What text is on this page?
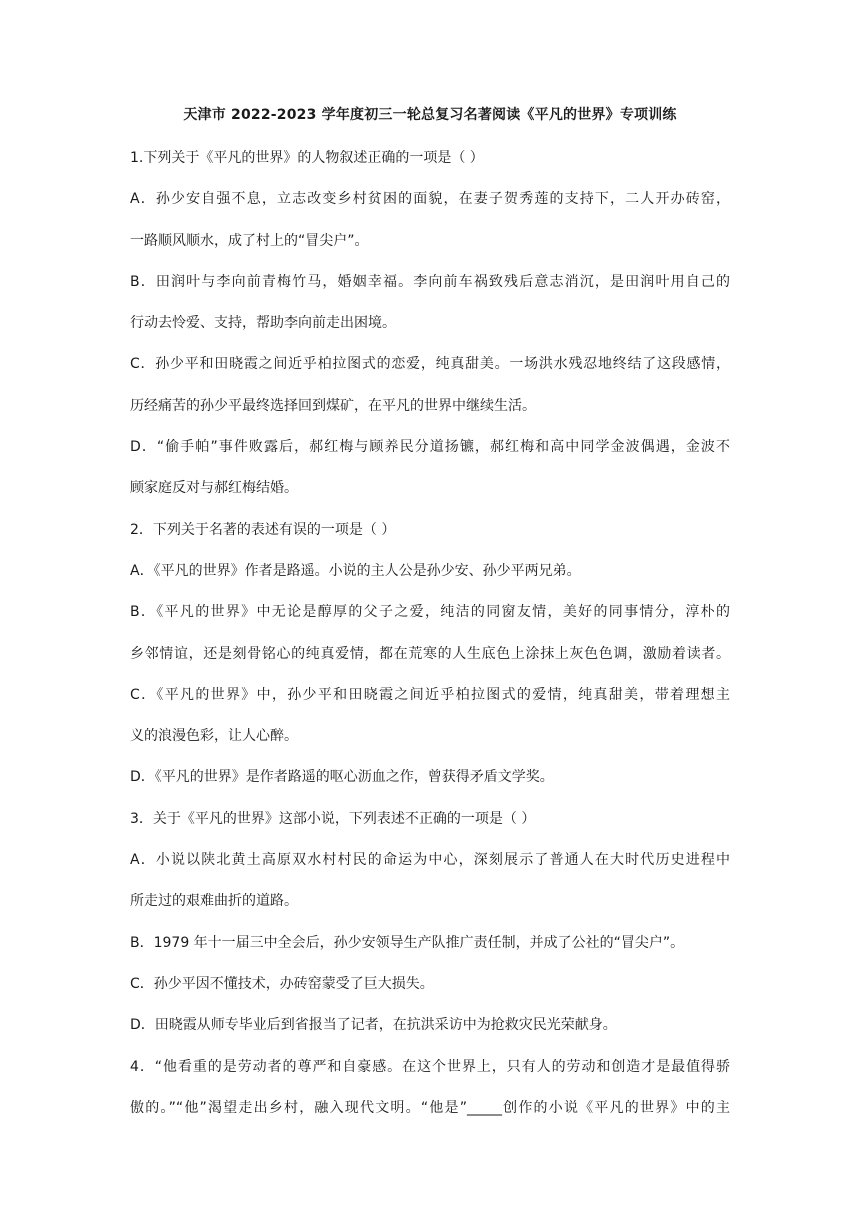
天津市 2022-2023 学年度初三一轮总复习名著阅读《平凡的世界》专项训练
1.下列关于《平凡的世界》的人物叙述正确的一项是（ ）
A．孙少安自强不息，立志改变乡村贫困的面貌，在妻子贺秀莲的支持下，二人开办砖窑，
一路顺风顺水，成了村上的“冒尖户”。
B．田润叶与李向前青梅竹马，婚姻幸福。李向前车祸致残后意志消沉，是田润叶用自己的
行动去怜爱、支持，帮助李向前走出困境。
C．孙少平和田晓霞之间近乎柏拉图式的恋爱，纯真甜美。一场洪水残忍地终结了这段感情，
历经痛苦的孙少平最终选择回到煤矿，在平凡的世界中继续生活。
D．“偷手帕”事件败露后，郝红梅与顾养民分道扬镳，郝红梅和高中同学金波偶遇，金波不
顾家庭反对与郝红梅结婚。
2．下列关于名著的表述有误的一项是（ ）
A．《平凡的世界》作者是路遥。小说的主人公是孙少安、孙少平两兄弟。
B．《平凡的世界》中无论是醇厚的父子之爱，纯洁的同窗友情，美好的同事情分，淳朴的
乡邻情谊，还是刻骨铭心的纯真爱情，都在荒寒的人生底色上涂抹上灰色色调，激励着读者。
C．《平凡的世界》中，孙少平和田晓霞之间近乎柏拉图式的爱情，纯真甜美，带着理想主
义的浪漫色彩，让人心醉。
D．《平凡的世界》是作者路遥的呕心沥血之作，曾获得矛盾文学奖。
3．关于《平凡的世界》这部小说，下列表述不正确的一项是（ ）
A．小说以陕北黄土高原双水村村民的命运为中心，深刻展示了普通人在大时代历史进程中
所走过的艰难曲折的道路。
B．1979 年十一届三中全会后，孙少安领导生产队推广责任制，并成了公社的“冒尖户”。
C．孙少平因不懂技术，办砖窑蒙受了巨大损失。
D．田晓霞从师专毕业后到省报当了记者，在抗洪采访中为抢救灾民光荣献身。
4．“他看重的是劳动者的尊严和自豪感。在这个世界上，只有人的劳动和创造才是最值得骄
傲的。”“他”渴望走出乡村，融入现代文明。“他是”_____创作的小说《平凡的世界》中的主
